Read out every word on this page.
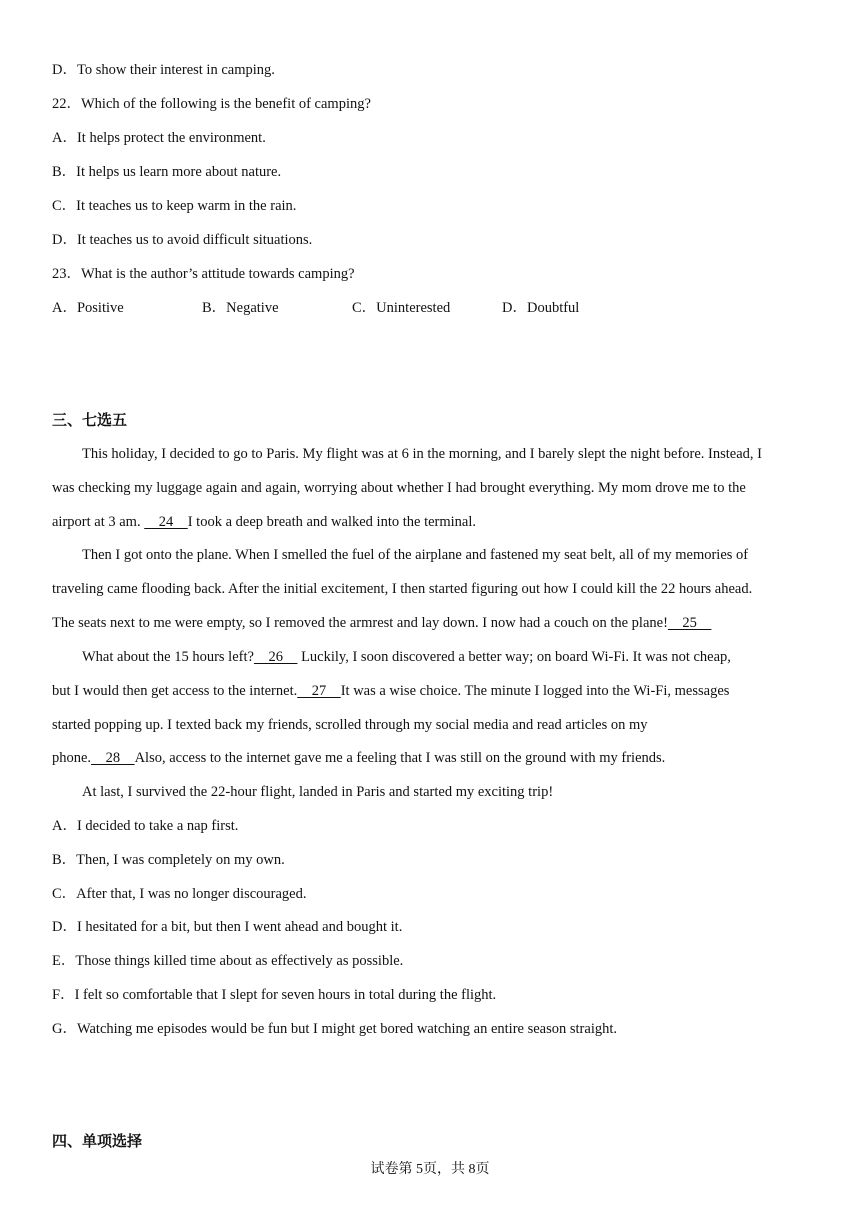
D．To show their interest in camping.
22．Which of the following is the benefit of camping?
A．It helps protect the environment.
B．It helps us learn more about nature.
C．It teaches us to keep warm in the rain.
D．It teaches us to avoid difficult situations.
23．What is the author’s attitude towards camping?
A．Positive	B．Negative	C．Uninterested	D．Doubtful
三、七选五
This holiday, I decided to go to Paris. My flight was at 6 in the morning, and I barely slept the night before. Instead, I
was checking my luggage again and again, worrying about whether I had brought everything. My mom drove me to the
airport at 3 am.     24    I took a deep breath and walked into the terminal.
Then I got onto the plane. When I smelled the fuel of the airplane and fastened my seat belt, all of my memories of
traveling came flooding back. After the initial excitement, I then started figuring out how I could kill the 22 hours ahead.
The seats next to me were empty, so I removed the armrest and lay down. I now had a couch on the plane!    25
What about the 15 hours left?    26     Luckily, I soon discovered a better way; on board Wi-Fi. It was not cheap,
but I would then get access to the internet.    27    It was a wise choice. The minute I logged into the Wi-Fi, messages
started popping up. I texted back my friends, scrolled through my social media and read articles on my
phone.    28    Also, access to the internet gave me a feeling that I was still on the ground with my friends.
At last, I survived the 22-hour flight, landed in Paris and started my exciting trip!
A．I decided to take a nap first.
B．Then, I was completely on my own.
C．After that, I was no longer discouraged.
D．I hesitated for a bit, but then I went ahead and bought it.
E．Those things killed time about as effectively as possible.
F．I felt so comfortable that I slept for seven hours in total during the flight.
G．Watching me episodes would be fun but I might get bored watching an entire season straight.
四、单项选择
试卷第 5页，共 8页
